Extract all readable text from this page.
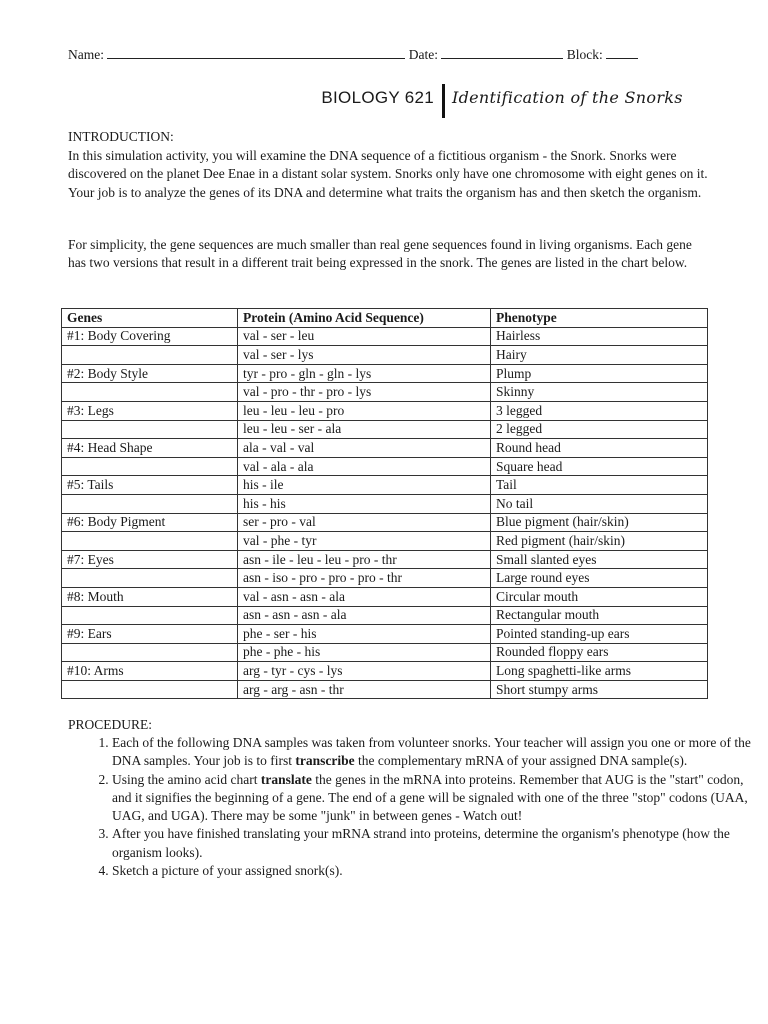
Name:	Date:	Block:
BIOLOGY 621 Identification of the Snorks
INTRODUCTION:
In this simulation activity, you will examine the DNA sequence of a fictitious organism - the Snork. Snorks were discovered on the planet Dee Enae in a distant solar system. Snorks only have one chromosome with eight genes on it. Your job is to analyze the genes of its DNA and determine what traits the organism has and then sketch the organism.
For simplicity, the gene sequences are much smaller than real gene sequences found in living organisms. Each gene has two versions that result in a different trait being expressed in the snork. The genes are listed in the chart below.
Genes	Protein (Amino Acid Sequence)	Phenotype
#1: Body Covering	val - ser - leu	Hairless
	val - ser - lys	Hairy
#2: Body Style	tyr - pro - gln - gln - lys	Plump
	val - pro - thr - pro - lys	Skinny
#3: Legs	leu - leu - leu - pro	3 legged
	leu - leu - ser - ala	2 legged
#4: Head Shape	ala - val - val	Round head
	val - ala - ala	Square head
#5: Tails	his - ile	Tail
	his - his	No tail
#6: Body Pigment	ser - pro - val	Blue pigment (hair/skin)
	val - phe - tyr	Red pigment (hair/skin)
#7: Eyes	asn - ile - leu - leu - pro - thr	Small slanted eyes
	asn - iso - pro - pro - pro - thr	Large round eyes
#8: Mouth	val - asn - asn - ala	Circular mouth
	asn - asn - asn - ala	Rectangular mouth
#9: Ears	phe - ser - his	Pointed standing-up ears
	phe - phe - his	Rounded floppy ears
#10: Arms	arg - tyr - cys - lys	Long spaghetti-like arms
	arg - arg - asn - thr	Short stumpy arms
PROCEDURE:
1. Each of the following DNA samples was taken from volunteer snorks. Your teacher will assign you one or more of the DNA samples. Your job is to first transcribe the complementary mRNA of your assigned DNA sample(s).
2. Using the amino acid chart translate the genes in the mRNA into proteins. Remember that AUG is the "start" codon, and it signifies the beginning of a gene. The end of a gene will be signaled with one of the three "stop" codons (UAA, UAG, and UGA). There may be some "junk" in between genes - Watch out!
3. After you have finished translating your mRNA strand into proteins, determine the organism's phenotype (how the organism looks).
4. Sketch a picture of your assigned snork(s).
